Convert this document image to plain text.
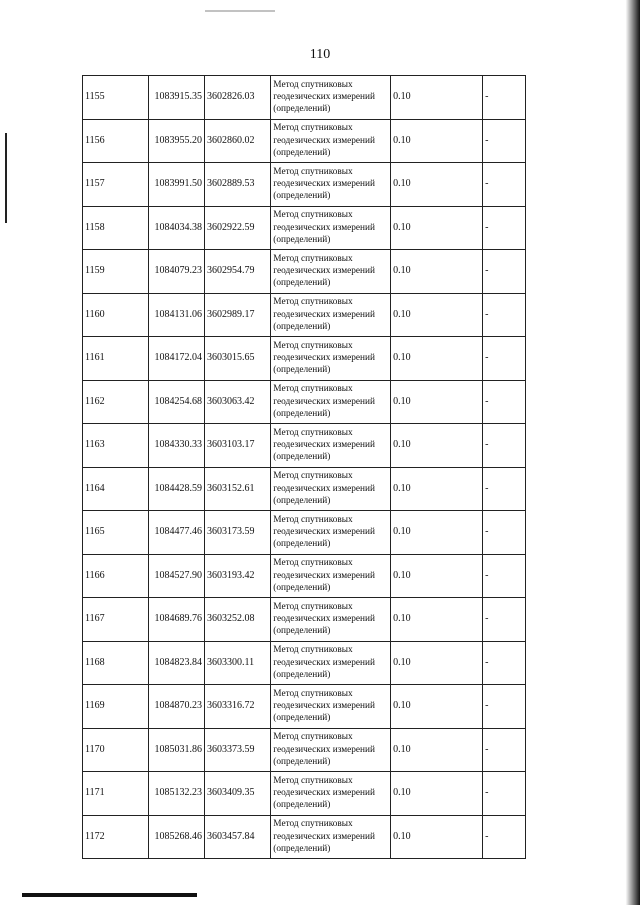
110
1155	1083915.35	3602826.03	Метод спутниковых геодезических измерений (определений)	0.10	-
1156	1083955.20	3602860.02	Метод спутниковых геодезических измерений (определений)	0.10	-
1157	1083991.50	3602889.53	Метод спутниковых геодезических измерений (определений)	0.10	-
1158	1084034.38	3602922.59	Метод спутниковых геодезических измерений (определений)	0.10	-
1159	1084079.23	3602954.79	Метод спутниковых геодезических измерений (определений)	0.10	-
1160	1084131.06	3602989.17	Метод спутниковых геодезических измерений (определений)	0.10	-
1161	1084172.04	3603015.65	Метод спутниковых геодезических измерений (определений)	0.10	-
1162	1084254.68	3603063.42	Метод спутниковых геодезических измерений (определений)	0.10	-
1163	1084330.33	3603103.17	Метод спутниковых геодезических измерений (определений)	0.10	-
1164	1084428.59	3603152.61	Метод спутниковых геодезических измерений (определений)	0.10	-
1165	1084477.46	3603173.59	Метод спутниковых геодезических измерений (определений)	0.10	-
1166	1084527.90	3603193.42	Метод спутниковых геодезических измерений (определений)	0.10	-
1167	1084689.76	3603252.08	Метод спутниковых геодезических измерений (определений)	0.10	-
1168	1084823.84	3603300.11	Метод спутниковых геодезических измерений (определений)	0.10	-
1169	1084870.23	3603316.72	Метод спутниковых геодезических измерений (определений)	0.10	-
1170	1085031.86	3603373.59	Метод спутниковых геодезических измерений (определений)	0.10	-
1171	1085132.23	3603409.35	Метод спутниковых геодезических измерений (определений)	0.10	-
1172	1085268.46	3603457.84	Метод спутниковых геодезических измерений (определений)	0.10	-
